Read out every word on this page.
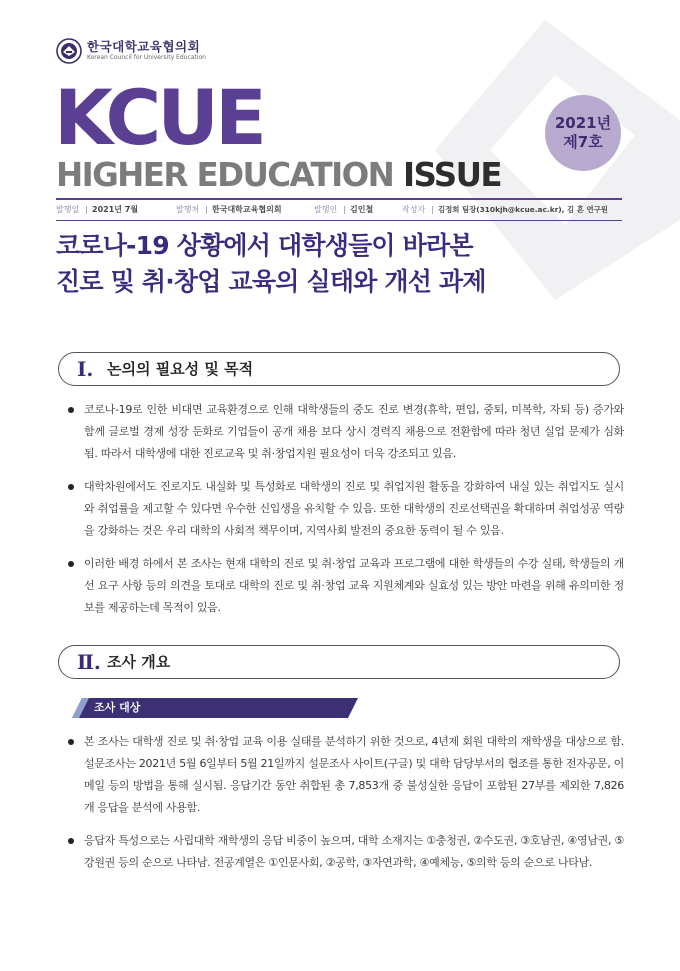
한국대학교육협의회
Korean Council for University Education
KCUE
HIGHER EDUCATION ISSUE
2021년
제7호
발행일 | 2021년 7월	발행처 | 한국대학교육협의회	발행인 | 김인철	작성자 | 김정희 팀장(310kjh@kcue.ac.kr), 김 흔 연구원
코로나-19 상황에서 대학생들이 바라본
진로 및 취·창업 교육의 실태와 개선 과제
Ⅰ. 논의의 필요성 및 목적
코로나-19로 인한 비대면 교육환경으로 인해 대학생들의 중도 진로 변경(휴학, 편입, 중퇴, 미복학, 자퇴 등) 증가와 함께 글로벌 경제 성장 둔화로 기업들이 공개 채용 보다 상시 경력직 채용으로 전환함에 따라 청년 실업 문제가 심화됨. 따라서 대학생에 대한 진로교육 및 취·창업지원 필요성이 더욱 강조되고 있음.
대학차원에서도 진로지도 내실화 및 특성화로 대학생의 진로 및 취업지원 활동을 강화하여 내실 있는 취업지도 실시와 취업률을 제고할 수 있다면 우수한 신입생을 유치할 수 있음. 또한 대학생의 진로선택권을 확대하며 취업성공 역량을 강화하는 것은 우리 대학의 사회적 책무이며, 지역사회 발전의 중요한 동력이 될 수 있음.
이러한 배경 하에서 본 조사는 현재 대학의 진로 및 취·창업 교육과 프로그램에 대한 학생들의 수강 실태, 학생들의 개선 요구 사항 등의 의견을 토대로 대학의 진로 및 취·창업 교육 지원체계와 실효성 있는 방안 마련을 위해 유의미한 정보를 제공하는데 목적이 있음.
Ⅱ. 조사 개요
조사 대상
본 조사는 대학생 진로 및 취·창업 교육 이용 실태를 분석하기 위한 것으로, 4년제 회원 대학의 재학생을 대상으로 함. 설문조사는 2021년 5월 6일부터 5월 21일까지 설문조사 사이트(구글) 및 대학 담당부서의 협조를 통한 전자공문, 이메일 등의 방법을 통해 실시됨. 응답기간 동안 취합된 총 7,853개 중 불성실한 응답이 포함된 27부를 제외한 7,826개 응답을 분석에 사용함.
응답자 특성으로는 사립대학 재학생의 응답 비중이 높으며, 대학 소재지는 ①충청권, ②수도권, ③호남권, ④영남권, ⑤강원권 등의 순으로 나타남. 전공계열은 ①인문사회, ②공학, ③자연과학, ④예체능, ⑤의학 등의 순으로 나타남.
